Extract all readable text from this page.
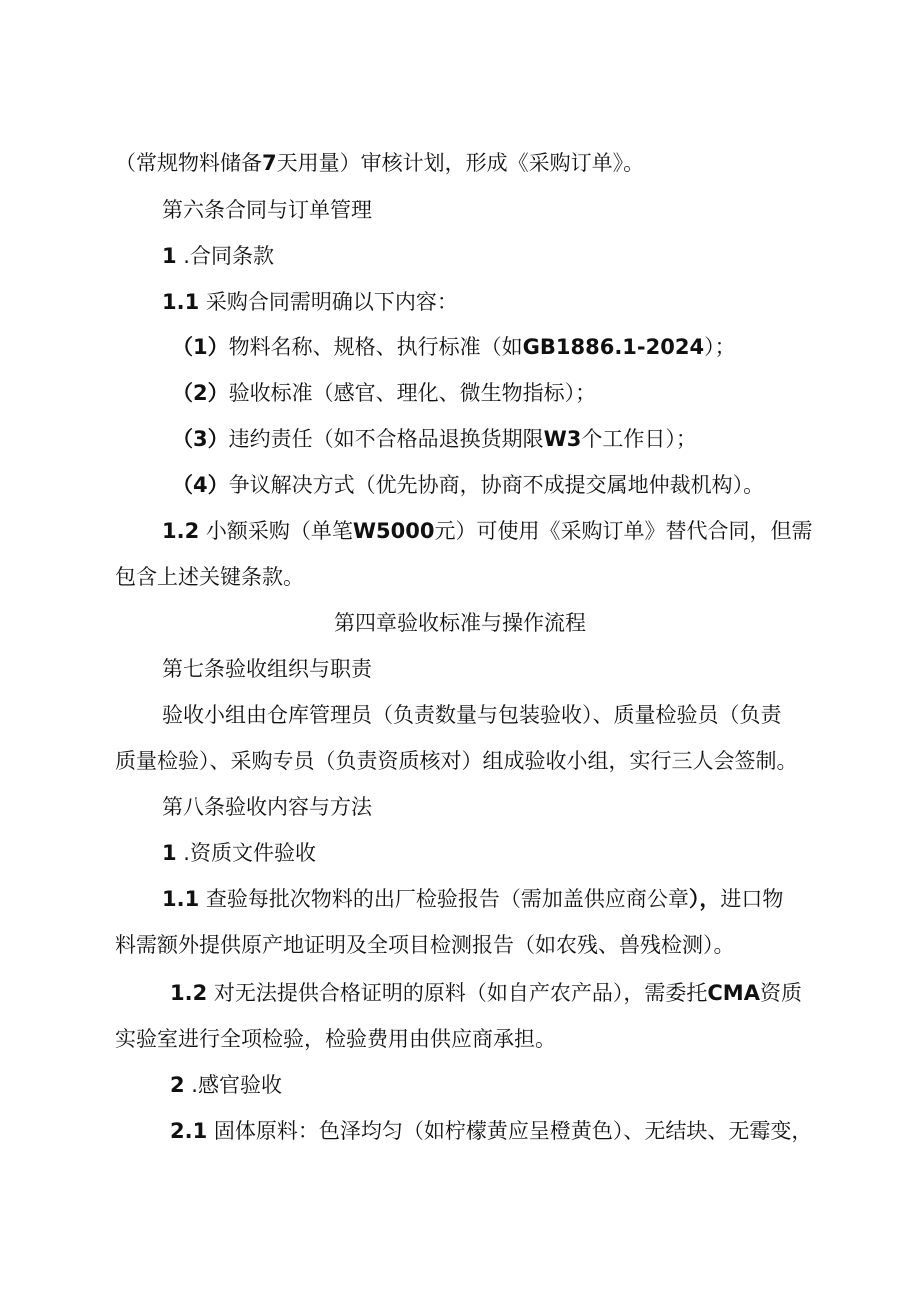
（常规物料储备7天用量）审核计划，形成《采购订单》。

第六条合同与订单管理

1 .合同条款

1.1 采购合同需明确以下内容：

（1）物料名称、规格、执行标准（如GB1886.1-2024）；

（2）验收标准（感官、理化、微生物指标）；

（3）违约责任（如不合格品退换货期限W3个工作日）；

（4）争议解决方式（优先协商，协商不成提交属地仲裁机构）。

1.2 小额采购（单笔W5000元）可使用《采购订单》替代合同，但需

包含上述关键条款。

第四章验收标准与操作流程

第七条验收组织与职责

验收小组由仓库管理员（负责数量与包装验收）、质量检验员（负责

质量检验）、采购专员（负责资质核对）组成验收小组，实行三人会签制。

第八条验收内容与方法

1 .资质文件验收

1.1 查验每批次物料的出厂检验报告（需加盖供应商公章），进口物

料需额外提供原产地证明及全项目检测报告（如农残、兽残检测）。

1.2 对无法提供合格证明的原料（如自产农产品），需委托CMA资质

实验室进行全项检验，检验费用由供应商承担。

2 .感官验收

2.1 固体原料：色泽均匀（如柠檬黄应呈橙黄色）、无结块、无霉变，
